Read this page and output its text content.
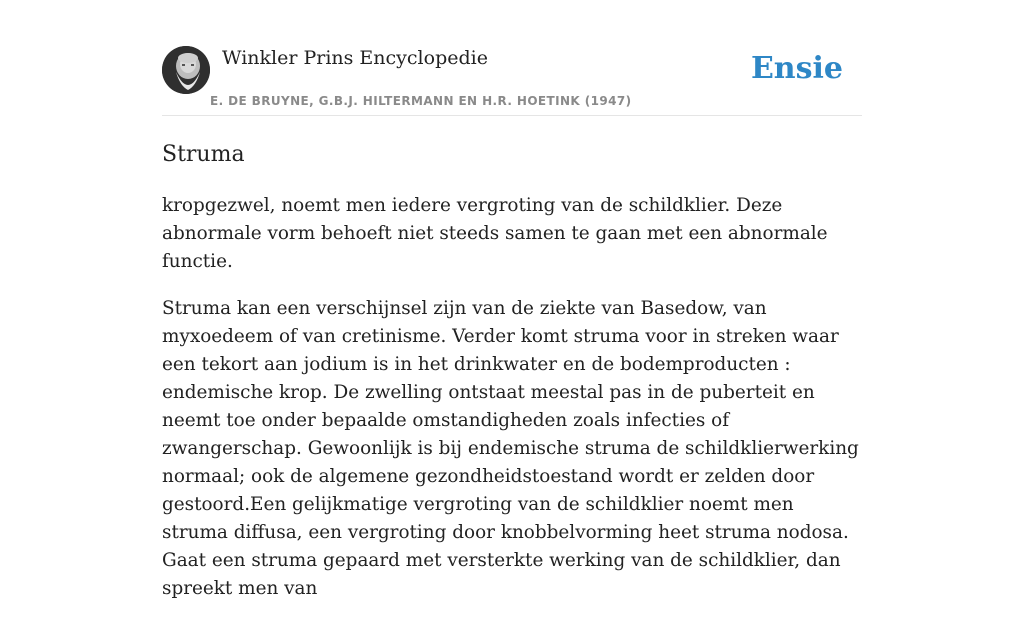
Winkler Prins Encyclopedie
E. DE BRUYNE, G.B.J. HILTERMANN EN H.R. HOETINK (1947)
Ensie
Struma

kropgezwel, noemt men iedere vergroting van de schildklier. Deze abnormale vorm behoeft niet steeds samen te gaan met een abnormale functie.

Struma kan een verschijnsel zijn van de ziekte van Basedow, van myxoedeem of van cretinisme. Verder komt struma voor in streken waar een tekort aan jodium is in het drinkwater en de bodemproducten : endemische krop. De zwelling ontstaat meestal pas in de puberteit en neemt toe onder bepaalde omstandigheden zoals infecties of zwangerschap. Gewoonlijk is bij endemische struma de schildklierwerking normaal; ook de algemene gezondheidstoestand wordt er zelden door gestoord.Een gelijkmatige vergroting van de schildklier noemt men struma diffusa, een vergroting door knobbelvorming heet struma nodosa. Gaat een struma gepaard met versterkte werking van de schildklier, dan spreekt men van
